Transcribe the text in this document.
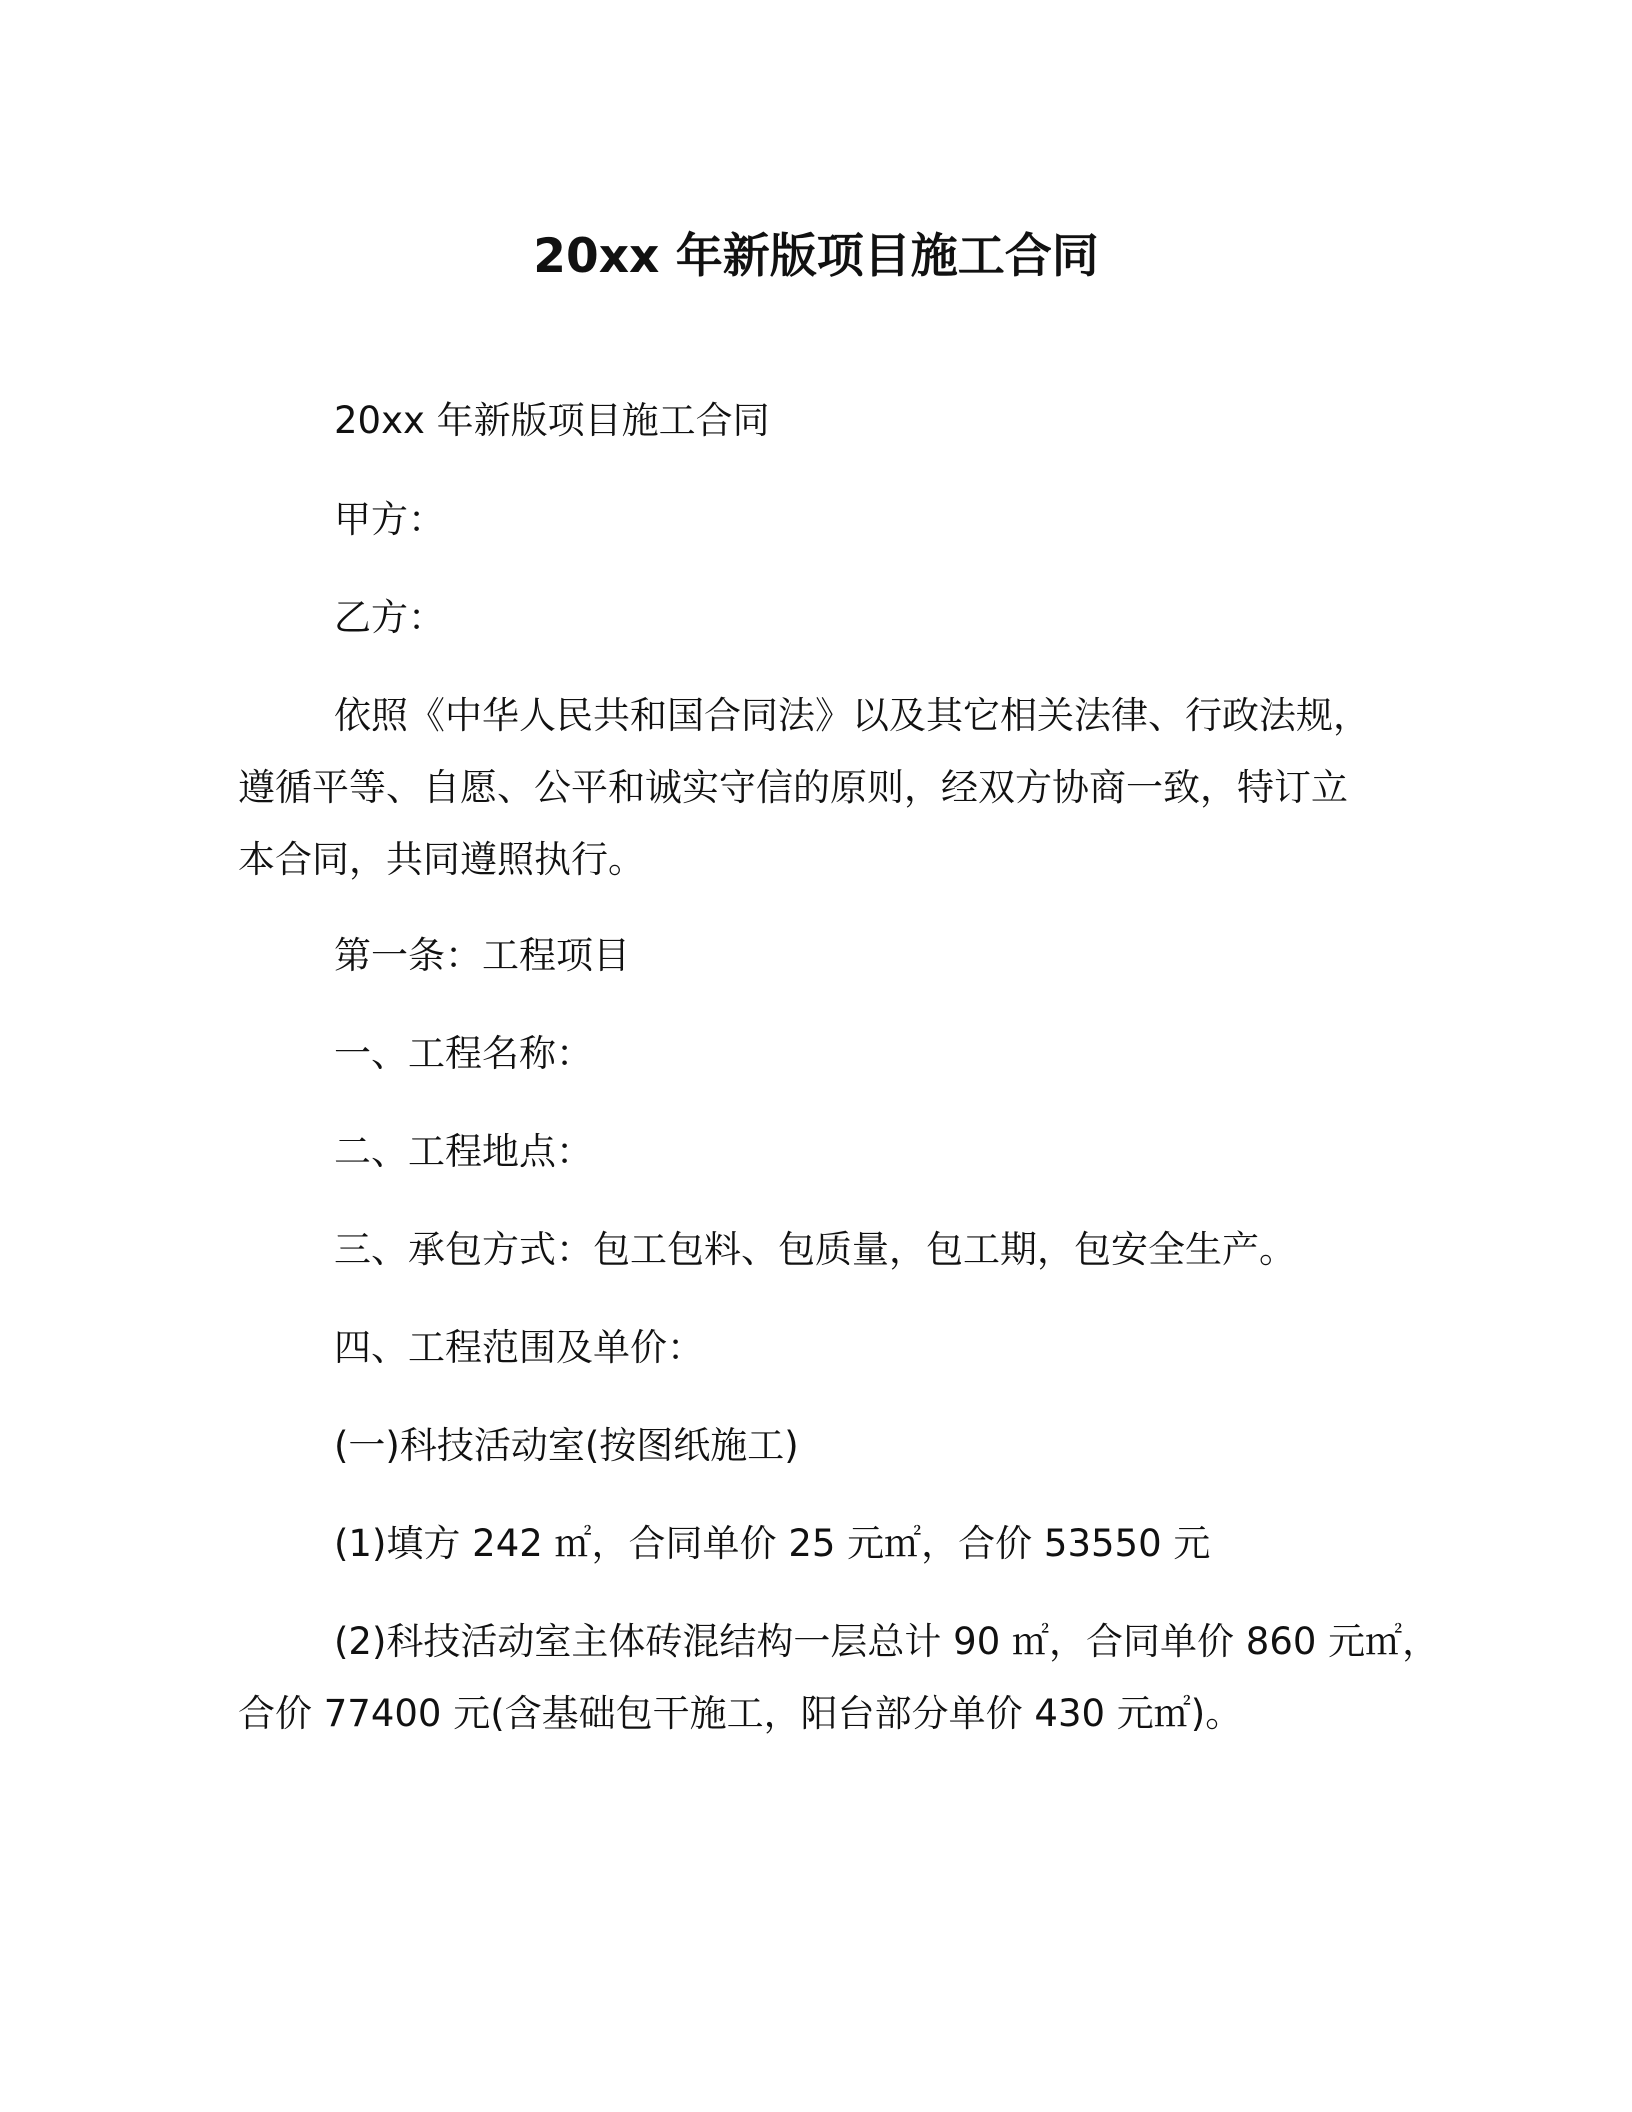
20xx 年新版项目施工合同
20xx 年新版项目施工合同
甲方：
乙方：
依照《中华人民共和国合同法》以及其它相关法律、行政法规，
遵循平等、自愿、公平和诚实守信的原则，经双方协商一致，特订立
本合同，共同遵照执行。
第一条：工程项目
一、工程名称：
二、工程地点：
三、承包方式：包工包料、包质量，包工期，包安全生产。
四、工程范围及单价：
(一)科技活动室(按图纸施工)
(1)填方 242 ㎡，合同单价 25 元㎡，合价 53550 元
(2)科技活动室主体砖混结构一层总计 90 ㎡，合同单价 860 元㎡，
合价 77400 元(含基础包干施工，阳台部分单价 430 元㎡)。
